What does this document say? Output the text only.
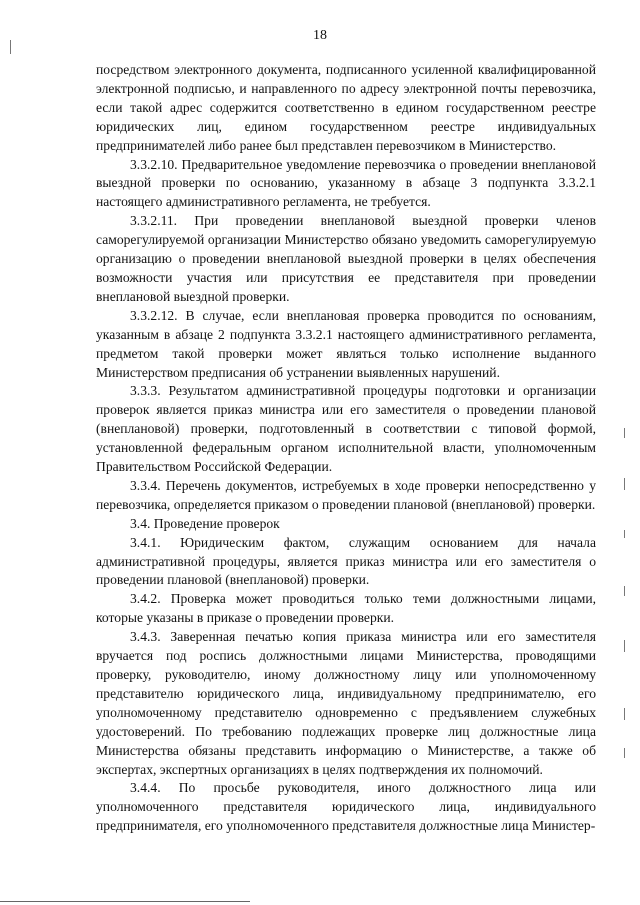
18

посредством электронного документа, подписанного усиленной квалифицированной электронной подписью, и направленного по адресу электронной почты перевозчика, если такой адрес содержится соответственно в едином государственном реестре юридических лиц, едином государственном реестре индивидуальных предпринимателей либо ранее был представлен перевозчиком в Министерство.

3.3.2.10. Предварительное уведомление перевозчика о проведении внеплановой выездной проверки по основанию, указанному в абзаце 3 подпункта 3.3.2.1 настоящего административного регламента, не требуется.

3.3.2.11. При проведении внеплановой выездной проверки членов саморегулируемой организации Министерство обязано уведомить саморегулируемую организацию о проведении внеплановой выездной проверки в целях обеспечения возможности участия или присутствия ее представителя при проведении внеплановой выездной проверки.

3.3.2.12. В случае, если внеплановая проверка проводится по основаниям, указанным в абзаце 2 подпункта 3.3.2.1 настоящего административного регламента, предметом такой проверки может являться только исполнение выданного Министерством предписания об устранении выявленных нарушений.

3.3.3. Результатом административной процедуры подготовки и организации проверок является приказ министра или его заместителя о проведении плановой (внеплановой) проверки, подготовленный в соответствии с типовой формой, установленной федеральным органом исполнительной власти, уполномоченным Правительством Российской Федерации.

3.3.4. Перечень документов, истребуемых в ходе проверки непосредственно у перевозчика, определяется приказом о проведении плановой (внеплановой) проверки.

3.4. Проведение проверок

3.4.1. Юридическим фактом, служащим основанием для начала административной процедуры, является приказ министра или его заместителя о проведении плановой (внеплановой) проверки.

3.4.2. Проверка может проводиться только теми должностными лицами, которые указаны в приказе о проведении проверки.

3.4.3. Заверенная печатью копия приказа министра или его заместителя вручается под роспись должностными лицами Министерства, проводящими проверку, руководителю, иному должностному лицу или уполномоченному представителю юридического лица, индивидуальному предпринимателю, его уполномоченному представителю одновременно с предъявлением служебных удостоверений. По требованию подлежащих проверке лиц должностные лица Министерства обязаны представить информацию о Министерстве, а также об экспертах, экспертных организациях в целях подтверждения их полномочий.

3.4.4. По просьбе руководителя, иного должностного лица или уполномоченного представителя юридического лица, индивидуального предпринимателя, его уполномоченного представителя должностные лица Министер-
